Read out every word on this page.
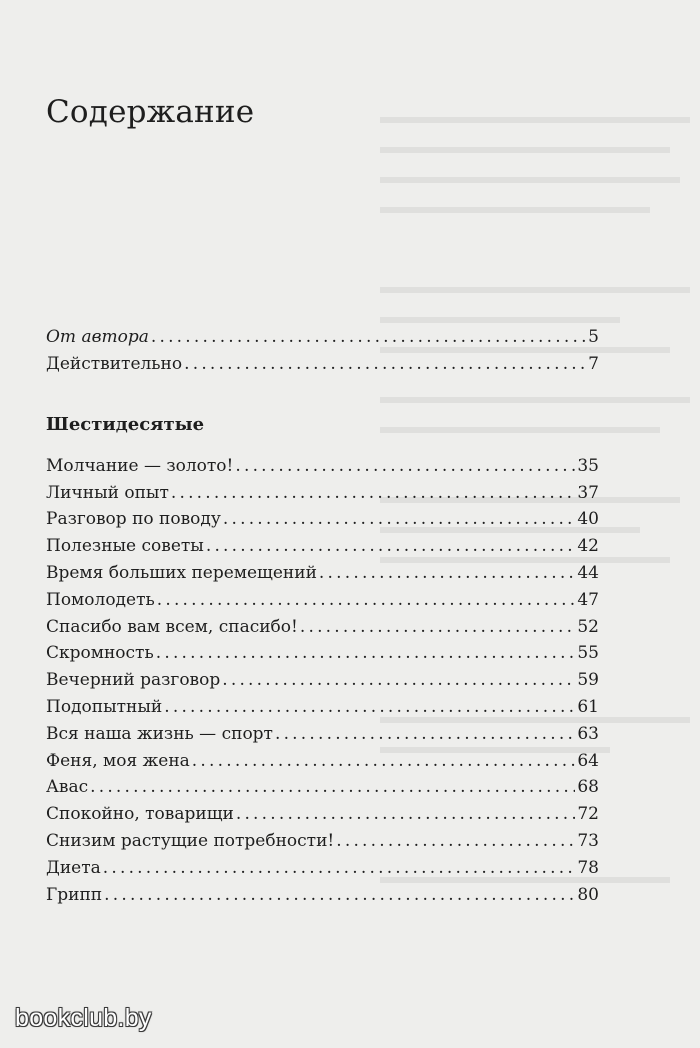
Содержание
От автора .....	5
Действительно .....	7
Шестидесятые
Молчание — золото! .....	35
Личный опыт .....	37
Разговор по поводу .....	40
Полезные советы .....	42
Время больших перемещений .....	44
Помолодеть .....	47
Спасибо вам всем, спасибо! .....	52
Скромность .....	55
Вечерний разговор .....	59
Подопытный .....	61
Вся наша жизнь — спорт .....	63
Феня, моя жена .....	64
Авас .....	68
Спокойно, товарищи .....	72
Снизим растущие потребности! .....	73
Диета .....	78
Грипп .....	80
bookclub.by
